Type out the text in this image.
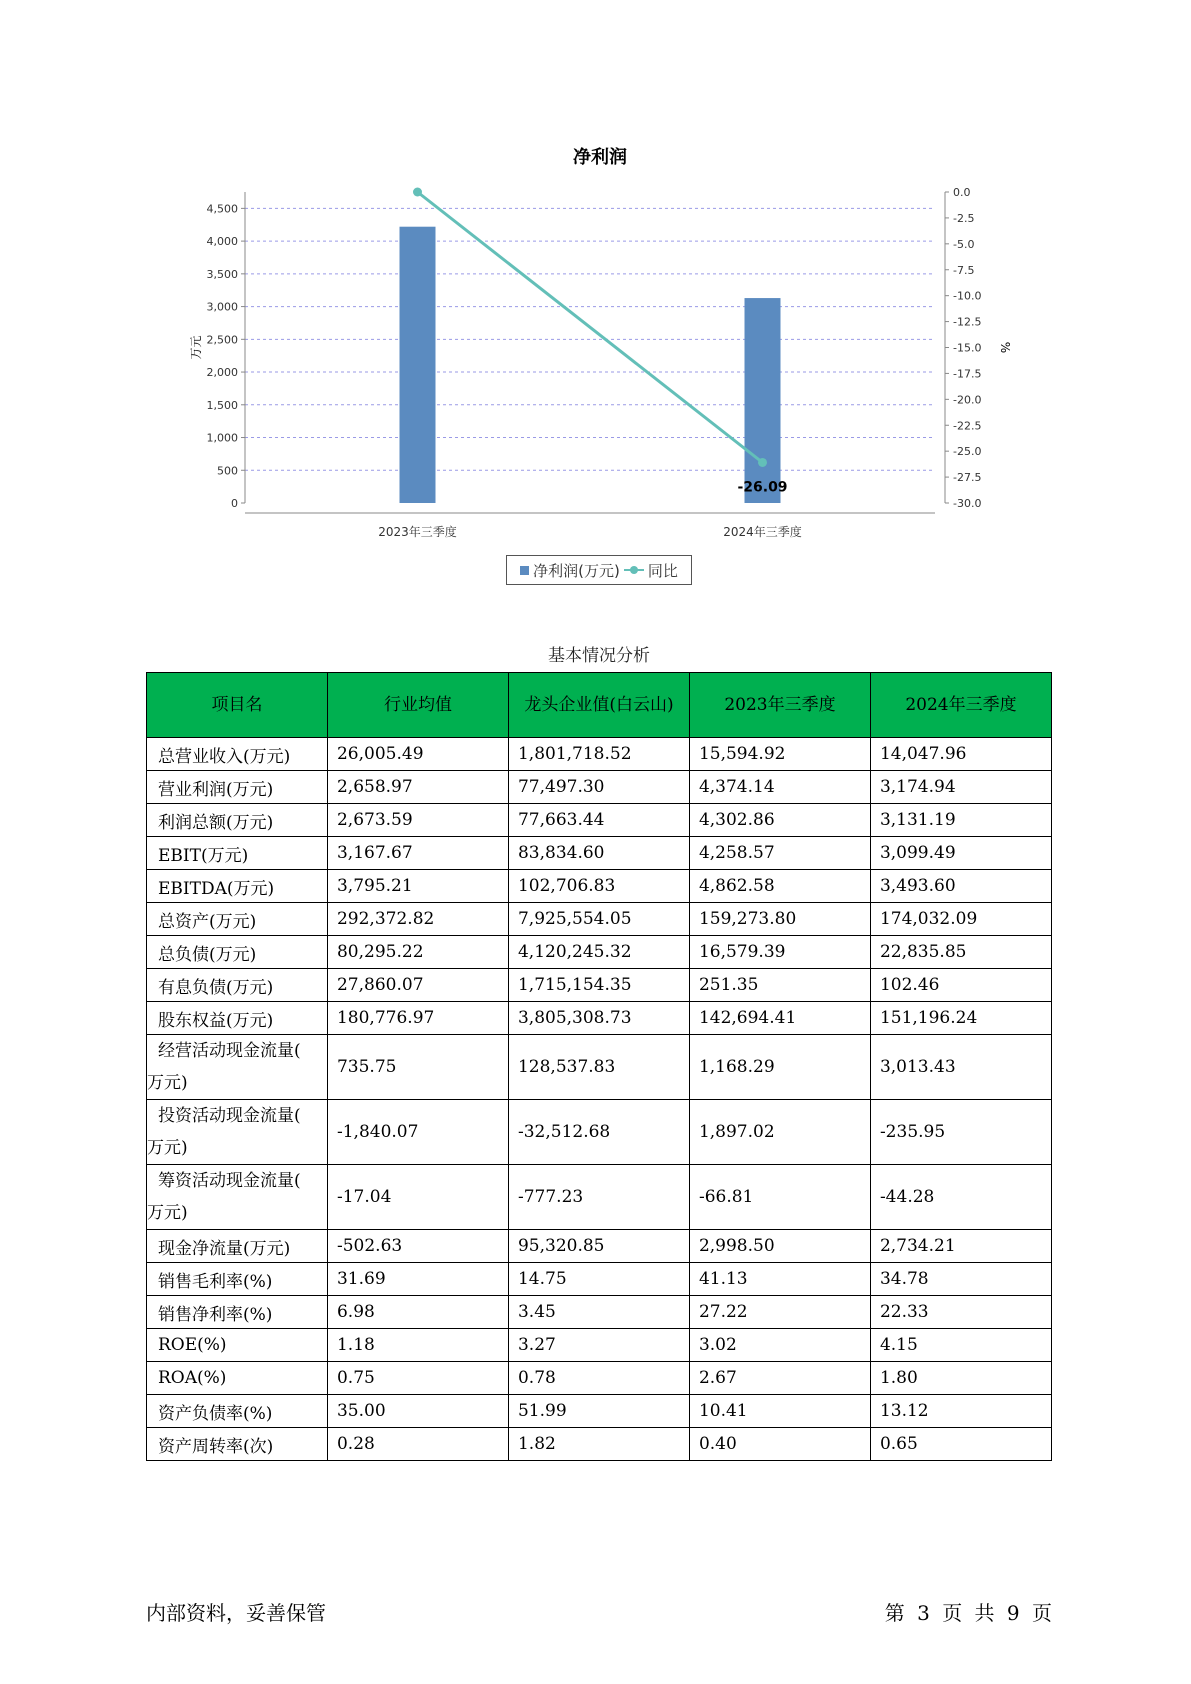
净利润
0
500
1,000
1,500
2,000
2,500
3,000
3,500
4,000
4,500
0.0
-2.5
-5.0
-7.5
-10.0
-12.5
-15.0
-17.5
-20.0
-22.5
-25.0
-27.5
-30.0
万元	%
2023年三季度	2024年三季度
-26.09
净利润(万元) 同比
基本情况分析
项目名	行业均值	龙头企业值(白云山)	2023年三季度	2024年三季度
总营业收入(万元)	26,005.49	1,801,718.52	15,594.92	14,047.96
营业利润(万元)	2,658.97	77,497.30	4,374.14	3,174.94
利润总额(万元)	2,673.59	77,663.44	4,302.86	3,131.19
EBIT(万元)	3,167.67	83,834.60	4,258.57	3,099.49
EBITDA(万元)	3,795.21	102,706.83	4,862.58	3,493.60
总资产(万元)	292,372.82	7,925,554.05	159,273.80	174,032.09
总负债(万元)	80,295.22	4,120,245.32	16,579.39	22,835.85
有息负债(万元)	27,860.07	1,715,154.35	251.35	102.46
股东权益(万元)	180,776.97	3,805,308.73	142,694.41	151,196.24

经营活动现金流量(
万元)	735.75	128,537.83	1,168.29	3,013.43

投资活动现金流量(
万元)	-1,840.07	-32,512.68	1,897.02	-235.95

筹资活动现金流量(
万元)	-17.04	-777.23	-66.81	-44.28
现金净流量(万元)	-502.63	95,320.85	2,998.50	2,734.21
销售毛利率(%)	31.69	14.75	41.13	34.78
销售净利率(%)	6.98	3.45	27.22	22.33
ROE(%)	1.18	3.27	3.02	4.15
ROA(%)	0.75	0.78	2.67	1.80
资产负债率(%)	35.00	51.99	10.41	13.12
资产周转率(次)	0.28	1.82	0.40	0.65
内部资料，妥善保管	第 3 页 共 9 页
